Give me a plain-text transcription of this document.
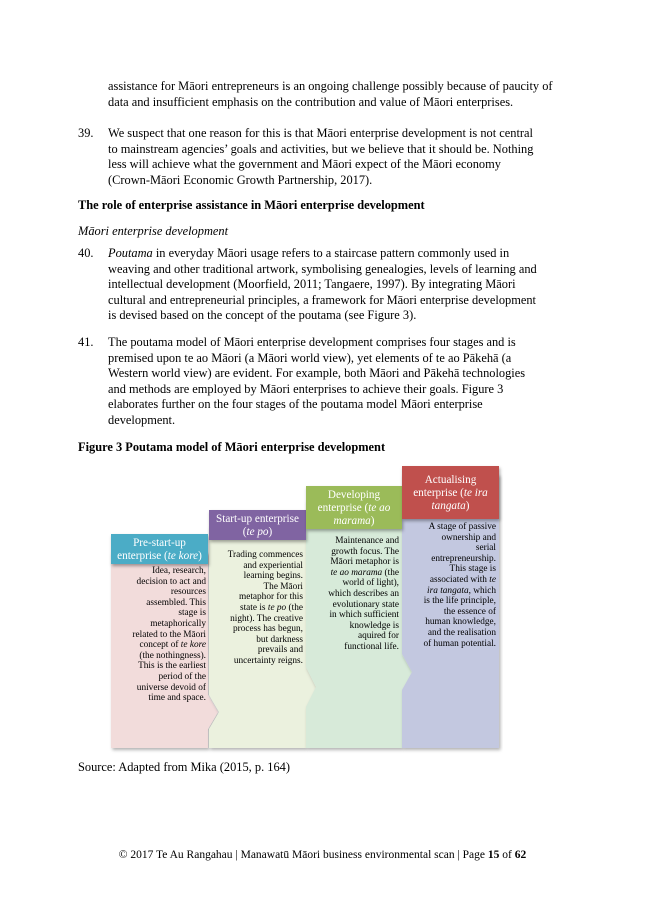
assistance for Māori entrepreneurs is an ongoing challenge possibly because of paucity of data and insufficient emphasis on the contribution and value of Māori enterprises.
39. We suspect that one reason for this is that Māori enterprise development is not central
to mainstream agencies’ goals and activities, but we believe that it should be. Nothing
less will achieve what the government and Māori expect of the Māori economy
(Crown-Māori Economic Growth Partnership, 2017).
The role of enterprise assistance in Māori enterprise development
Māori enterprise development
40. Poutama in everyday Māori usage refers to a staircase pattern commonly used in
weaving and other traditional artwork, symbolising genealogies, levels of learning and
intellectual development (Moorfield, 2011; Tangaere, 1997). By integrating Māori
cultural and entrepreneurial principles, a framework for Māori enterprise development
is devised based on the concept of the poutama (see Figure 3).
41. The poutama model of Māori enterprise development comprises four stages and is
premised upon te ao Māori (a Māori world view), yet elements of te ao Pākehā (a
Western world view) are evident. For example, both Māori and Pākehā technologies
and methods are employed by Māori enterprises to achieve their goals. Figure 3
elaborates further on the four stages of the poutama model Māori enterprise
development.
Figure 3 Poutama model of Māori enterprise development
Pre-start-up
enterprise (te kore)
Start-up enterprise
(te po)
Developing
enterprise (te ao
marama)
Actualising
enterprise (te ira
tangata)
Idea, research,
decision to act and
resources
assembled. This
stage is
metaphorically
related to the Māori
concept of te kore
(the nothingness).
This is the earliest
period of the
universe devoid of
time and space.
Trading commences
and experiential
learning begins.
The Māori
metaphor for this
state is te po (the
night). The creative
process has begun,
but darkness
prevails and
uncertainty reigns.
Maintenance and
growth focus. The
Māori metaphor is
te ao marama (the
world of light),
which describes an
evolutionary state
in which sufficient
knowledge is
aquired for
functional life.
A stage of passive
ownership and
serial
entrepreneurship.
This stage is
associated with te
ira tangata, which
is the life principle,
the essence of
human knowledge,
and the realisation
of human potential.
Source: Adapted from Mika (2015, p. 164)
© 2017 Te Au Rangahau | Manawatū Māori business environmental scan | Page 15 of 62
